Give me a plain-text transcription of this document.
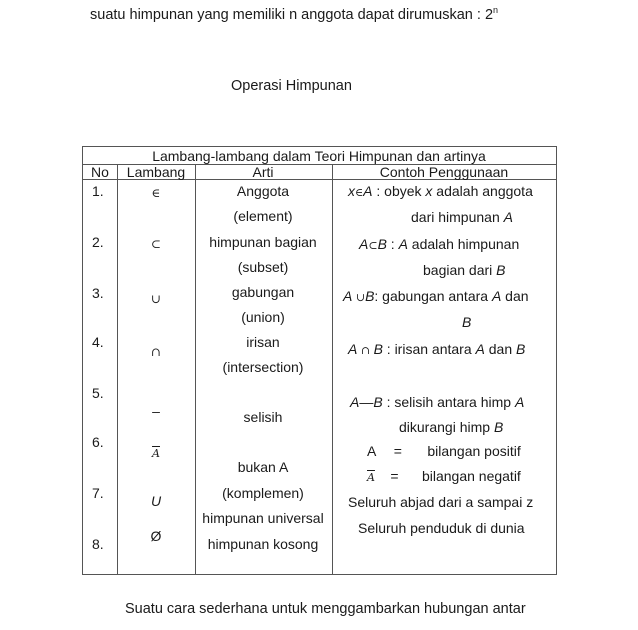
suatu himpunan yang memiliki n anggota dapat dirumuskan : 2$^n$
Operasi Himpunan
Lambang-lambang dalam Teori Himpunan dan artinya
No Lambang	Arti	Contoh Penggunaan
1.
2.
3.
4.
5.
6.
7.
8.
∈
⊂
∪
∩
–
$\overline{A}$
U
Ø
Anggota
(element)
himpunan bagian
(subset)
gabungan
(union)
irisan
(intersection)
selisih
bukan A
(komplemen)
himpunan universal
himpunan kosong
x∈A : obyek x adalah anggota
dari himpunan A
A⊂B : A adalah himpunan
bagian dari B
A ∪B: gabungan antara A dan
B
A ∩ B : irisan antara A dan B
A—B : selisih antara himp A
dikurangi himp B
A = bilangan positif
$\overline{A}$ = bilangan negatif
Seluruh abjad dari a sampai z
Seluruh penduduk di dunia
Suatu cara sederhana untuk menggambarkan hubungan antar
